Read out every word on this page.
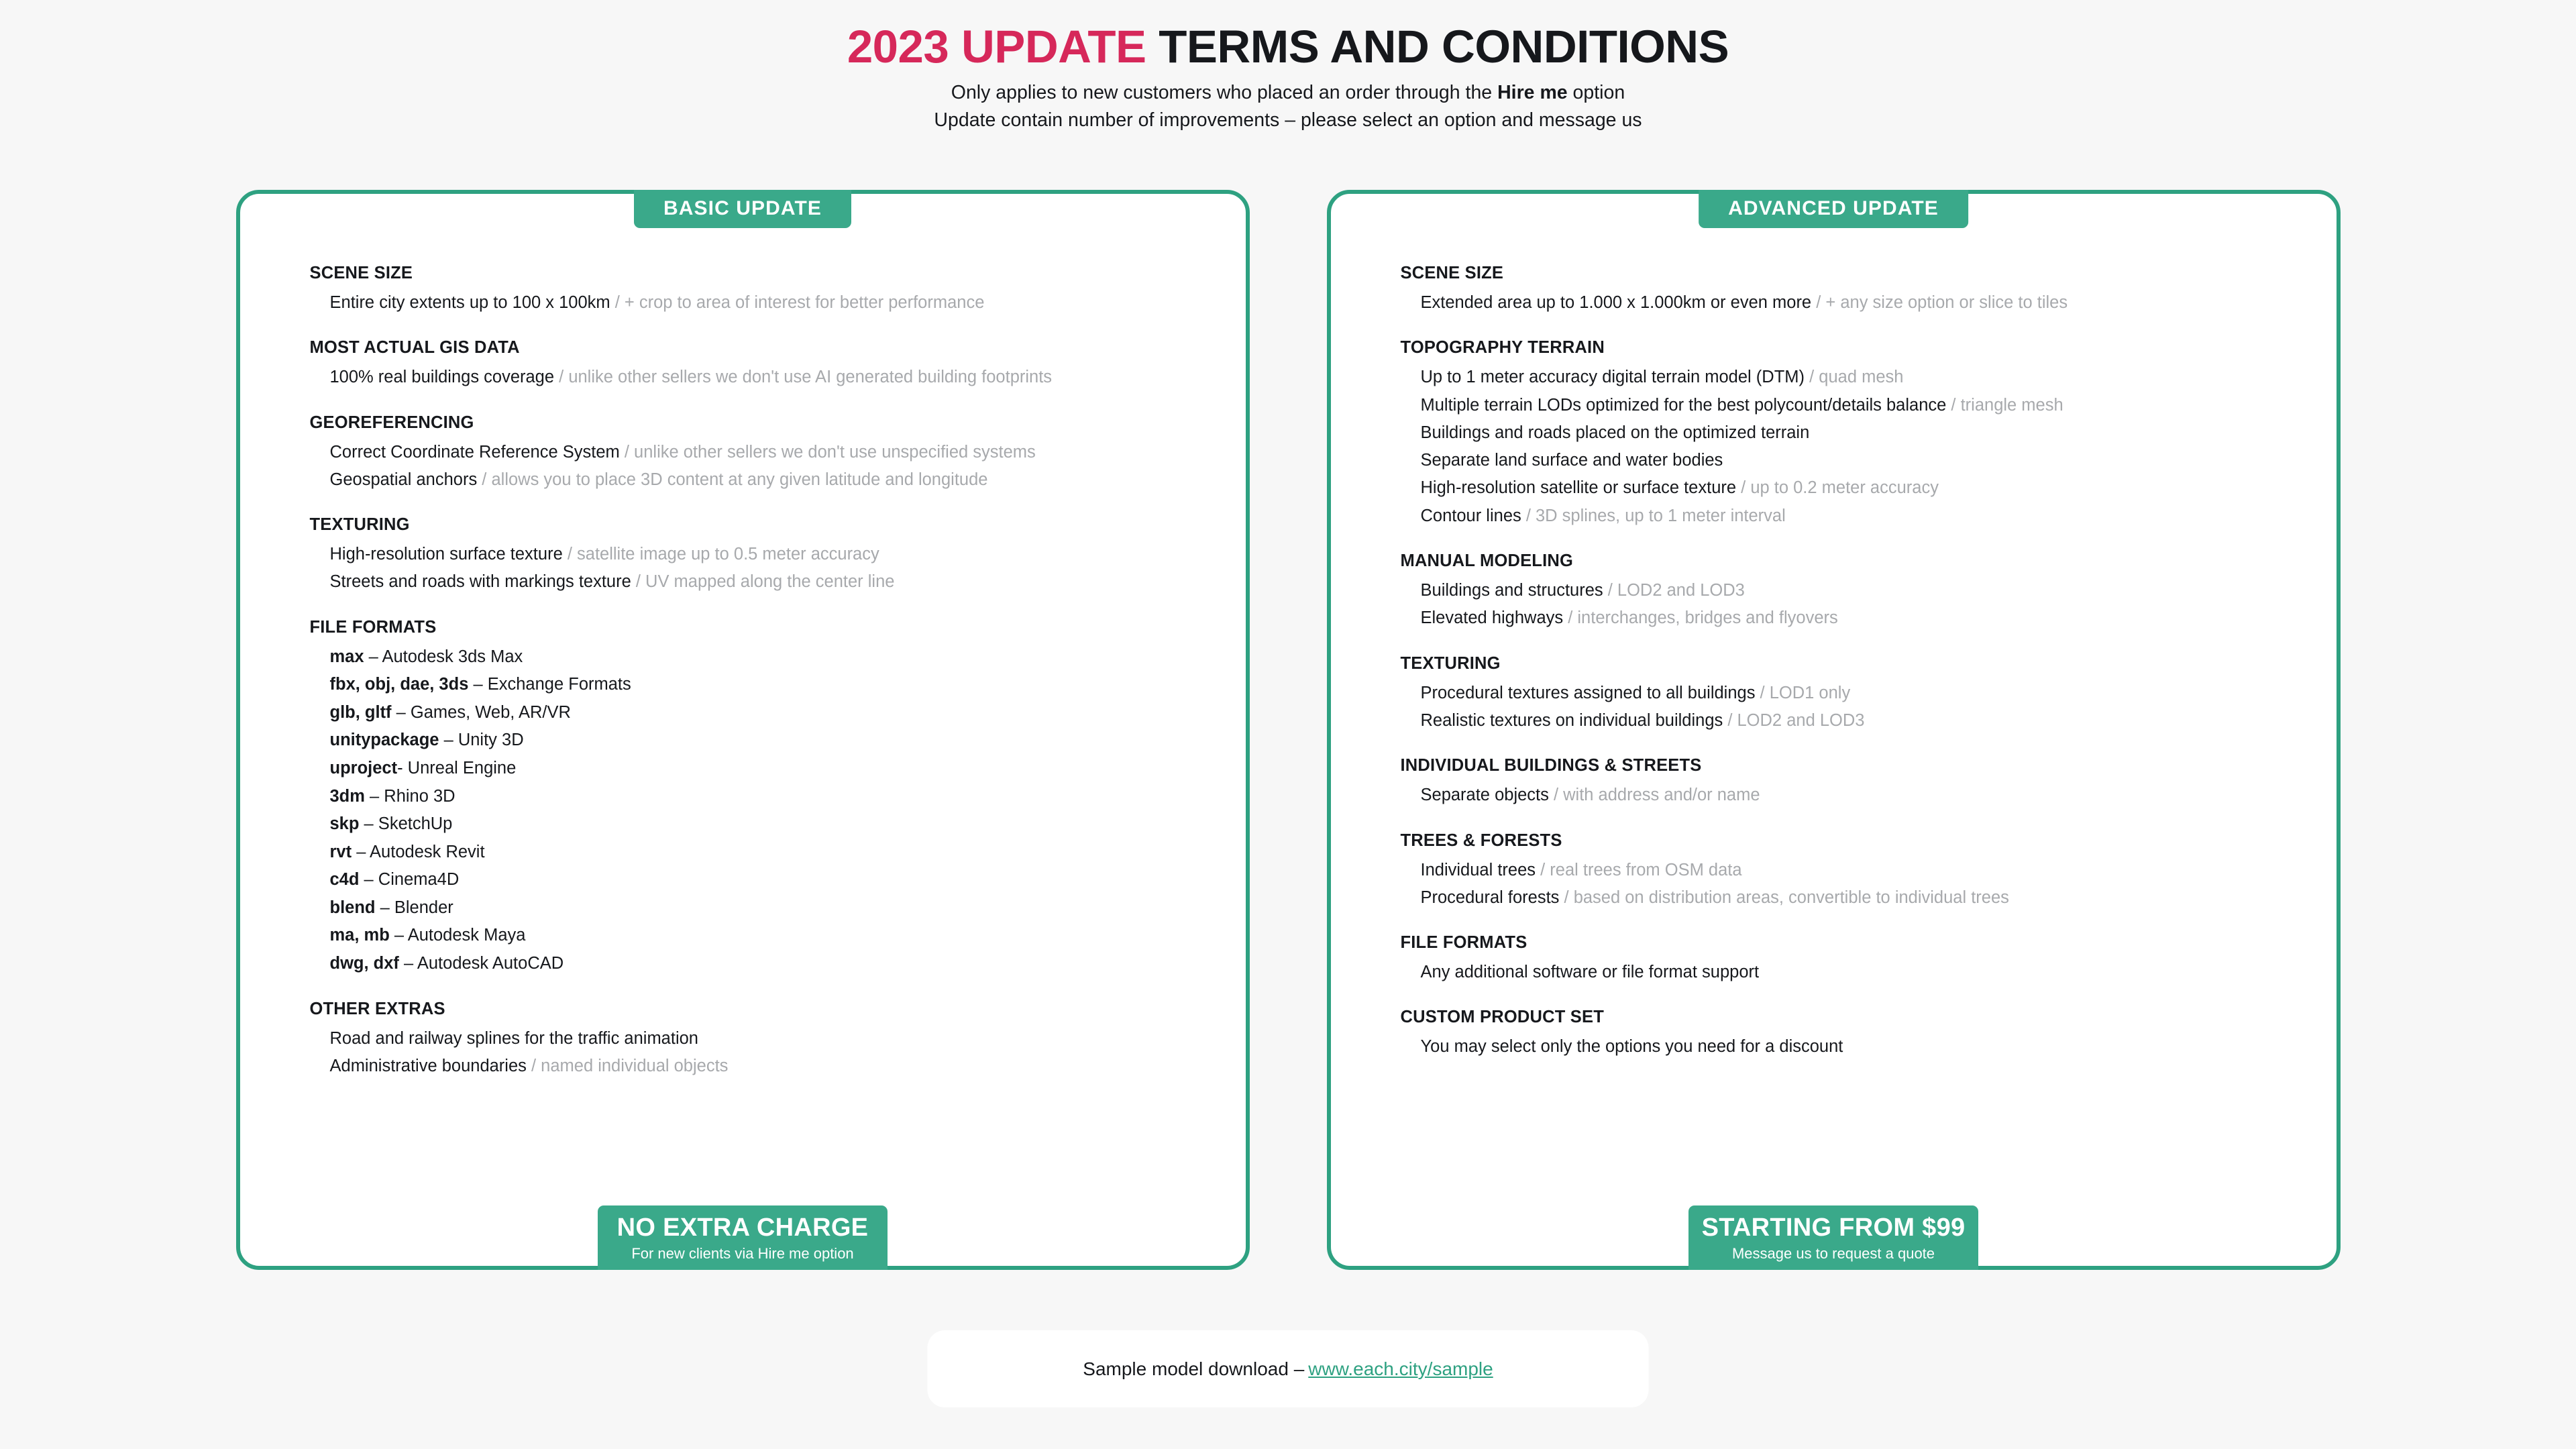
2023 UPDATE TERMS AND CONDITIONS
Only applies to new customers who placed an order through the Hire me option
Update contain number of improvements – please select an option and message us
BASIC UPDATE
SCENE SIZE
Entire city extents up to 100 x 100km / + crop to area of interest for better performance
MOST ACTUAL GIS DATA
100% real buildings coverage / unlike other sellers we don't use AI generated building footprints
GEOREFERENCING
Correct Coordinate Reference System / unlike other sellers we don't use unspecified systems
Geospatial anchors / allows you to place 3D content at any given latitude and longitude
TEXTURING
High-resolution surface texture / satellite image up to 0.5 meter accuracy
Streets and roads with markings texture / UV mapped along the center line
FILE FORMATS
max – Autodesk 3ds Max
fbx, obj, dae, 3ds – Exchange Formats
glb, gltf – Games, Web, AR/VR
unitypackage – Unity 3D
uproject- Unreal Engine
3dm – Rhino 3D
skp – SketchUp
rvt – Autodesk Revit
c4d – Cinema4D
blend – Blender
ma, mb – Autodesk Maya
dwg, dxf – Autodesk AutoCAD
OTHER EXTRAS
Road and railway splines for the traffic animation
Administrative boundaries / named individual objects
NO EXTRA CHARGE
For new clients via Hire me option
ADVANCED UPDATE
SCENE SIZE
Extended area up to 1.000 x 1.000km or even more / + any size option or slice to tiles
TOPOGRAPHY TERRAIN
Up to 1 meter accuracy digital terrain model (DTM) / quad mesh
Multiple terrain LODs optimized for the best polycount/details balance / triangle mesh
Buildings and roads placed on the optimized terrain
Separate land surface and water bodies
High-resolution satellite or surface texture / up to 0.2 meter accuracy
Contour lines / 3D splines, up to 1 meter interval
MANUAL MODELING
Buildings and structures / LOD2 and LOD3
Elevated highways / interchanges, bridges and flyovers
TEXTURING
Procedural textures assigned to all buildings / LOD1 only
Realistic textures on individual buildings / LOD2 and LOD3
INDIVIDUAL BUILDINGS & STREETS
Separate objects / with address and/or name
TREES & FORESTS
Individual trees / real trees from OSM data
Procedural forests / based on distribution areas, convertible to individual trees
FILE FORMATS
Any additional software or file format support
CUSTOM PRODUCT SET
You may select only the options you need for a discount
STARTING FROM $99
Message us to request a quote
Sample model download – www.each.city/sample
